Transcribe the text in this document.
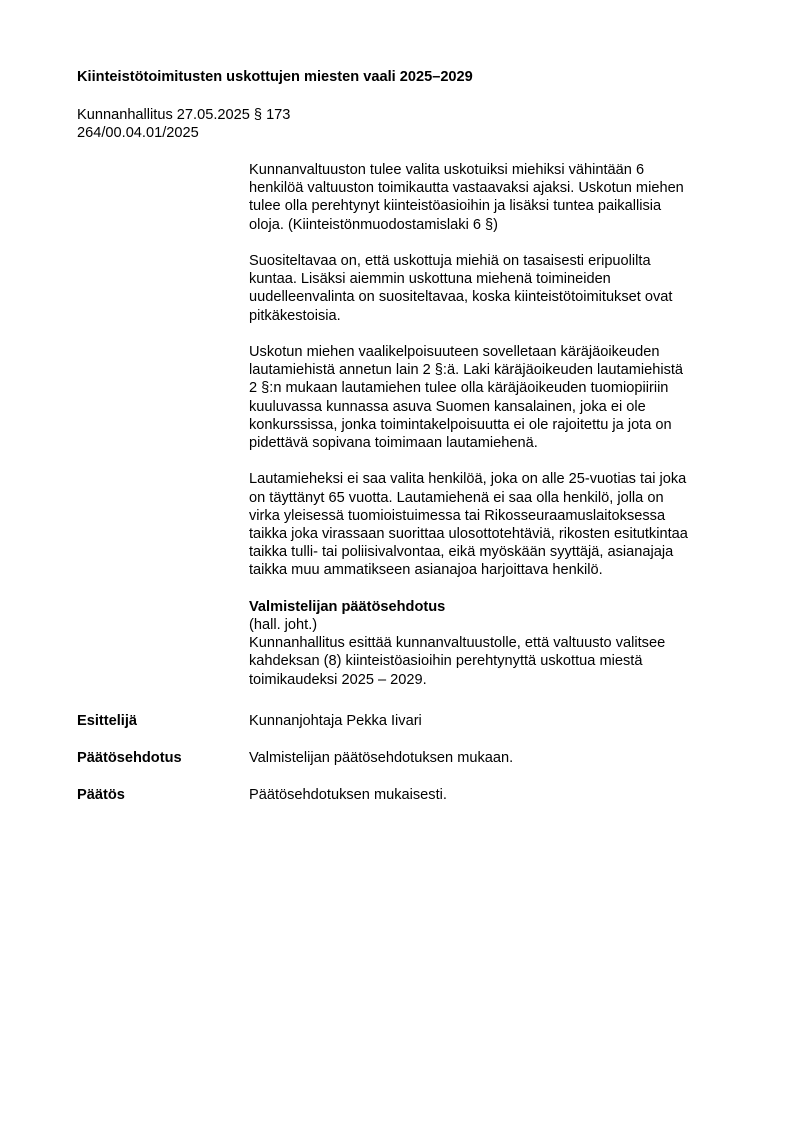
Kiinteistötoimitusten uskottujen miesten vaali 2025–2029
Kunnanhallitus 27.05.2025 § 173
264/00.04.01/2025
Kunnanvaltuuston tulee valita uskotuiksi miehiksi vähintään 6
henkilöä valtuuston toimikautta vastaavaksi ajaksi. Uskotun miehen
tulee olla perehtynyt kiinteistöasioihin ja lisäksi tuntea paikallisia
oloja. (Kiinteistönmuodostamislaki 6 §)
Suositeltavaa on, että uskottuja miehiä on tasaisesti eripuolilta
kuntaa. Lisäksi aiemmin uskottuna miehenä toimineiden
uudelleenvalinta on suositeltavaa, koska kiinteistötoimitukset ovat
pitkäkestoisia.
Uskotun miehen vaalikelpoisuuteen sovelletaan käräjäoikeuden
lautamiehistä annetun lain 2 §:ä. Laki käräjäoikeuden lautamiehistä
2 §:n mukaan lautamiehen tulee olla käräjäoikeuden tuomiopiiriin
kuuluvassa kunnassa asuva Suomen kansalainen, joka ei ole
konkurssissa, jonka toimintakelpoisuutta ei ole rajoitettu ja jota on
pidettävä sopivana toimimaan lautamiehenä.
Lautamieheksi ei saa valita henkilöä, joka on alle 25-vuotias tai joka
on täyttänyt 65 vuotta. Lautamiehenä ei saa olla henkilö, jolla on
virka yleisessä tuomioistuimessa tai Rikosseuraamuslaitoksessa
taikka joka virassaan suorittaa ulosottotehtäviä, rikosten esitutkintaa
taikka tulli- tai poliisivalvontaa, eikä myöskään syyttäjä, asianajaja
taikka muu ammatikseen asianajoa harjoittava henkilö.
Valmistelijan päätösehdotus
(hall. joht.)
Kunnanhallitus esittää kunnanvaltuustolle, että valtuusto valitsee
kahdeksan (8) kiinteistöasioihin perehtynyttä uskottua miestä
toimikaudeksi 2025 – 2029.
Esittelijä	Kunnanjohtaja Pekka Iivari
Päätösehdotus	Valmistelijan päätösehdotuksen mukaan.
Päätös	Päätösehdotuksen mukaisesti.
